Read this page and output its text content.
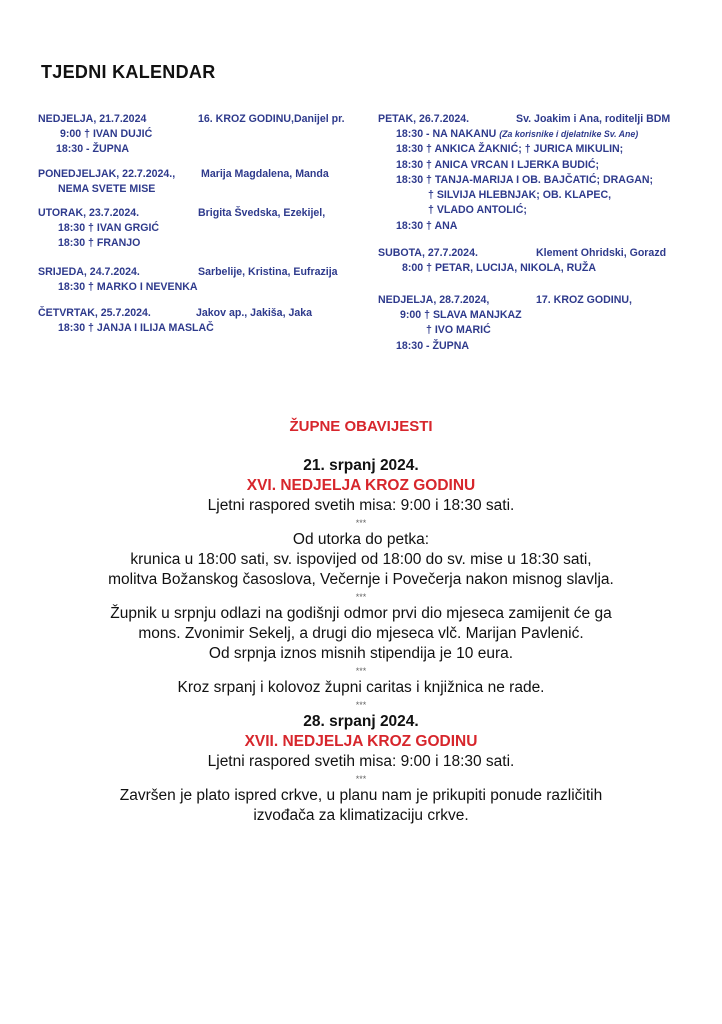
TJEDNI KALENDAR
NEDJELJA, 21.7.2024	16. KROZ GODINU,Danijel pr.
9:00 † IVAN DUJIĆ
18:30 - ŽUPNA
PONEDJELJAK, 22.7.2024., Marija Magdalena, Manda
NEMA SVETE MISE
UTORAK, 23.7.2024.	Brigita Švedska, Ezekijel,
18:30 † IVAN GRGIĆ
18:30 † FRANJO
SRIJEDA, 24.7.2024.	Sarbelije, Kristina, Eufrazija
18:30 † MARKO I NEVENKA
ČETVRTAK, 25.7.2024.	Jakov ap., Jakiša, Jaka
18:30 † JANJA I ILIJA MASLAČ
PETAK, 26.7.2024.	Sv. Joakim i Ana, roditelji BDM
18:30 - NA NAKANU (Za korisnike i djelatnike Sv. Ane)
18:30 † ANKICA ŽAKNIĆ; † JURICA MIKULIN;
18:30 † ANICA VRCAN I LJERKA BUDIĆ;
18:30 † TANJA-MARIJA I OB. BAJČATIĆ; DRAGAN;
† SILVIJA HLEBNJAK; OB. KLAPEC,
† VLADO ANTOLIĆ;
18:30 † ANA
SUBOTA, 27.7.2024.	Klement Ohridski, Gorazd
8:00 † PETAR, LUCIJA, NIKOLA, RUŽA
NEDJELJA, 28.7.2024,	17. KROZ GODINU,
9:00 † SLAVA MANJKAZ
† IVO MARIĆ
18:30 - ŽUPNA
ŽUPNE OBAVIJESTI
21. srpanj 2024.
XVI. NEDJELJA KROZ GODINU
Ljetni raspored svetih misa: 9:00 i 18:30 sati.
***
Od utorka do petka:
krunica u 18:00 sati, sv. ispovijed od 18:00 do sv. mise u 18:30 sati,
molitva Božanskog časoslova, Večernje i Povečerja nakon misnog slavlja.
***
Župnik u srpnju odlazi na godišnji odmor prvi dio mjeseca zamijenit će ga
mons. Zvonimir Sekelj, a drugi dio mjeseca vlč. Marijan Pavlenić.
Od srpnja iznos misnih stipendija je 10 eura.
***
Kroz srpanj i kolovoz župni caritas i knjižnica ne rade.
***
28. srpanj 2024.
XVII. NEDJELJA KROZ GODINU
Ljetni raspored svetih misa: 9:00 i 18:30 sati.
***
Završen je plato ispred crkve, u planu nam je prikupiti ponude različitih
izvođača za klimatizaciju crkve.
